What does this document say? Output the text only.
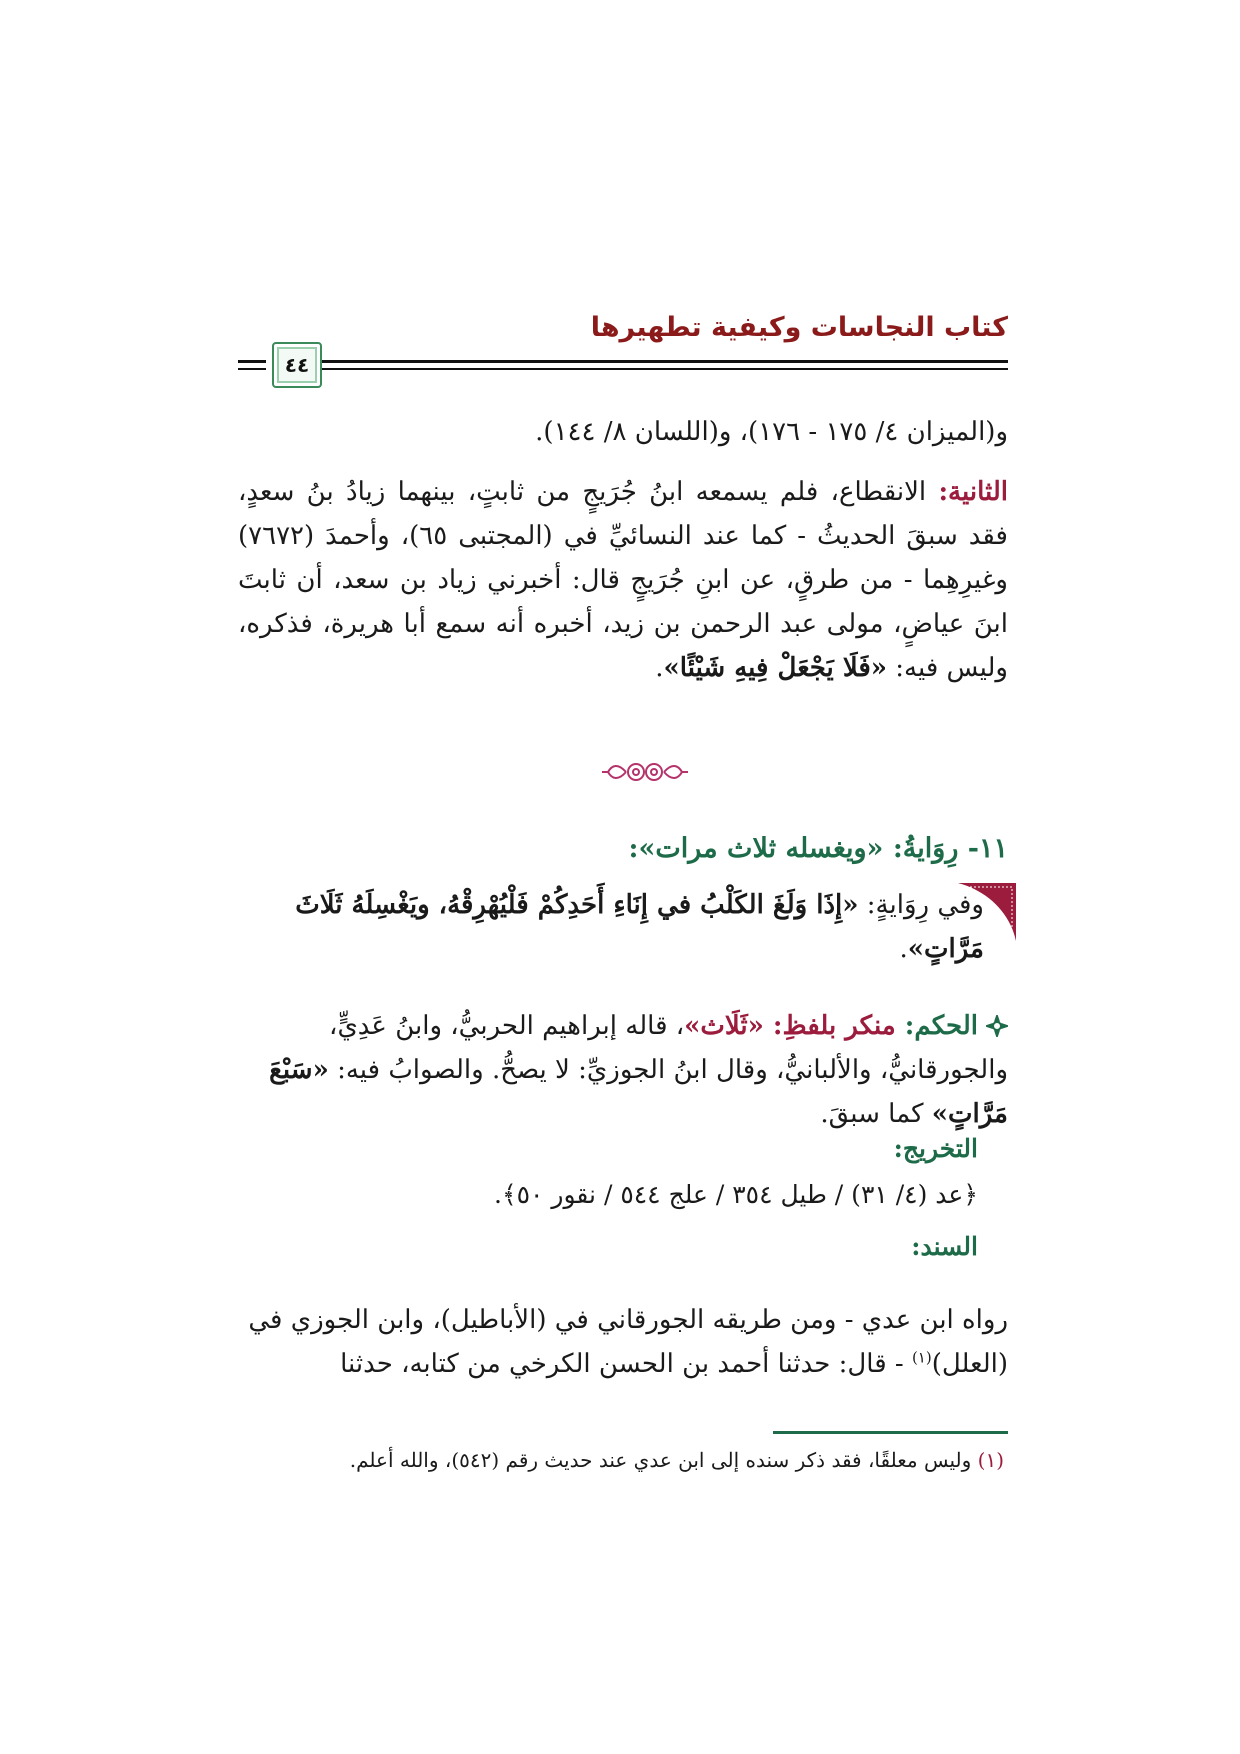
كتاب النجاسات وكيفية تطهيرها
٤٤

و(الميزان ٤/ ١٧٥ - ١٧٦)، و(اللسان ٨/ ١٤٤).

الثانية: الانقطاع، فلم يسمعه ابنُ جُرَيجٍ من ثابتٍ، بينهما زيادُ بنُ سعدٍ، فقد سبقَ الحديثُ - كما عند النسائيِّ في (المجتبى ٦٥)، وأحمدَ (٧٦٧٢) وغيرِهِما - من طرقٍ، عن ابنِ جُرَيجٍ قال: أخبرني زياد بن سعد، أن ثابتَ ابنَ عياضٍ، مولى عبد الرحمن بن زيد، أخبره أنه سمع أبا هريرة، فذكره، وليس فيه: «فَلَا يَجْعَلْ فِيهِ شَيْئًا».

١١- رِوَايةُ: «ويغسله ثلاث مرات»:

وفي رِوَايةٍ: «إِذَا وَلَغَ الكَلْبُ في إِنَاءِ أَحَدِكُمْ فَلْيُهْرِقْهُ، ويَغْسِلَهُ ثَلَاثَ مَرَّاتٍ».

الحكم: منكر بلفظِ: «ثَلَاث»، قاله إبراهيم الحربيُّ، وابنُ عَدِيٍّ، والجورقانيُّ، والألبانيُّ، وقال ابنُ الجوزيِّ: لا يصحُّ. والصوابُ فيه: «سَبْعَ مَرَّاتٍ» كما سبقَ.

التخريج:
﴿عد (٤/ ٣١) / طيل ٣٥٤ / علج ٥٤٤ / نقور ٥٠﴾.
السند:

رواه ابن عدي - ومن طريقه الجورقاني في (الأباطيل)، وابن الجوزي في (العلل)$^{(١)}$ - قال: حدثنا أحمد بن الحسن الكرخي من كتابه، حدثنا

(١) وليس معلقًا، فقد ذكر سنده إلى ابن عدي عند حديث رقم (٥٤٢)، والله أعلم.
